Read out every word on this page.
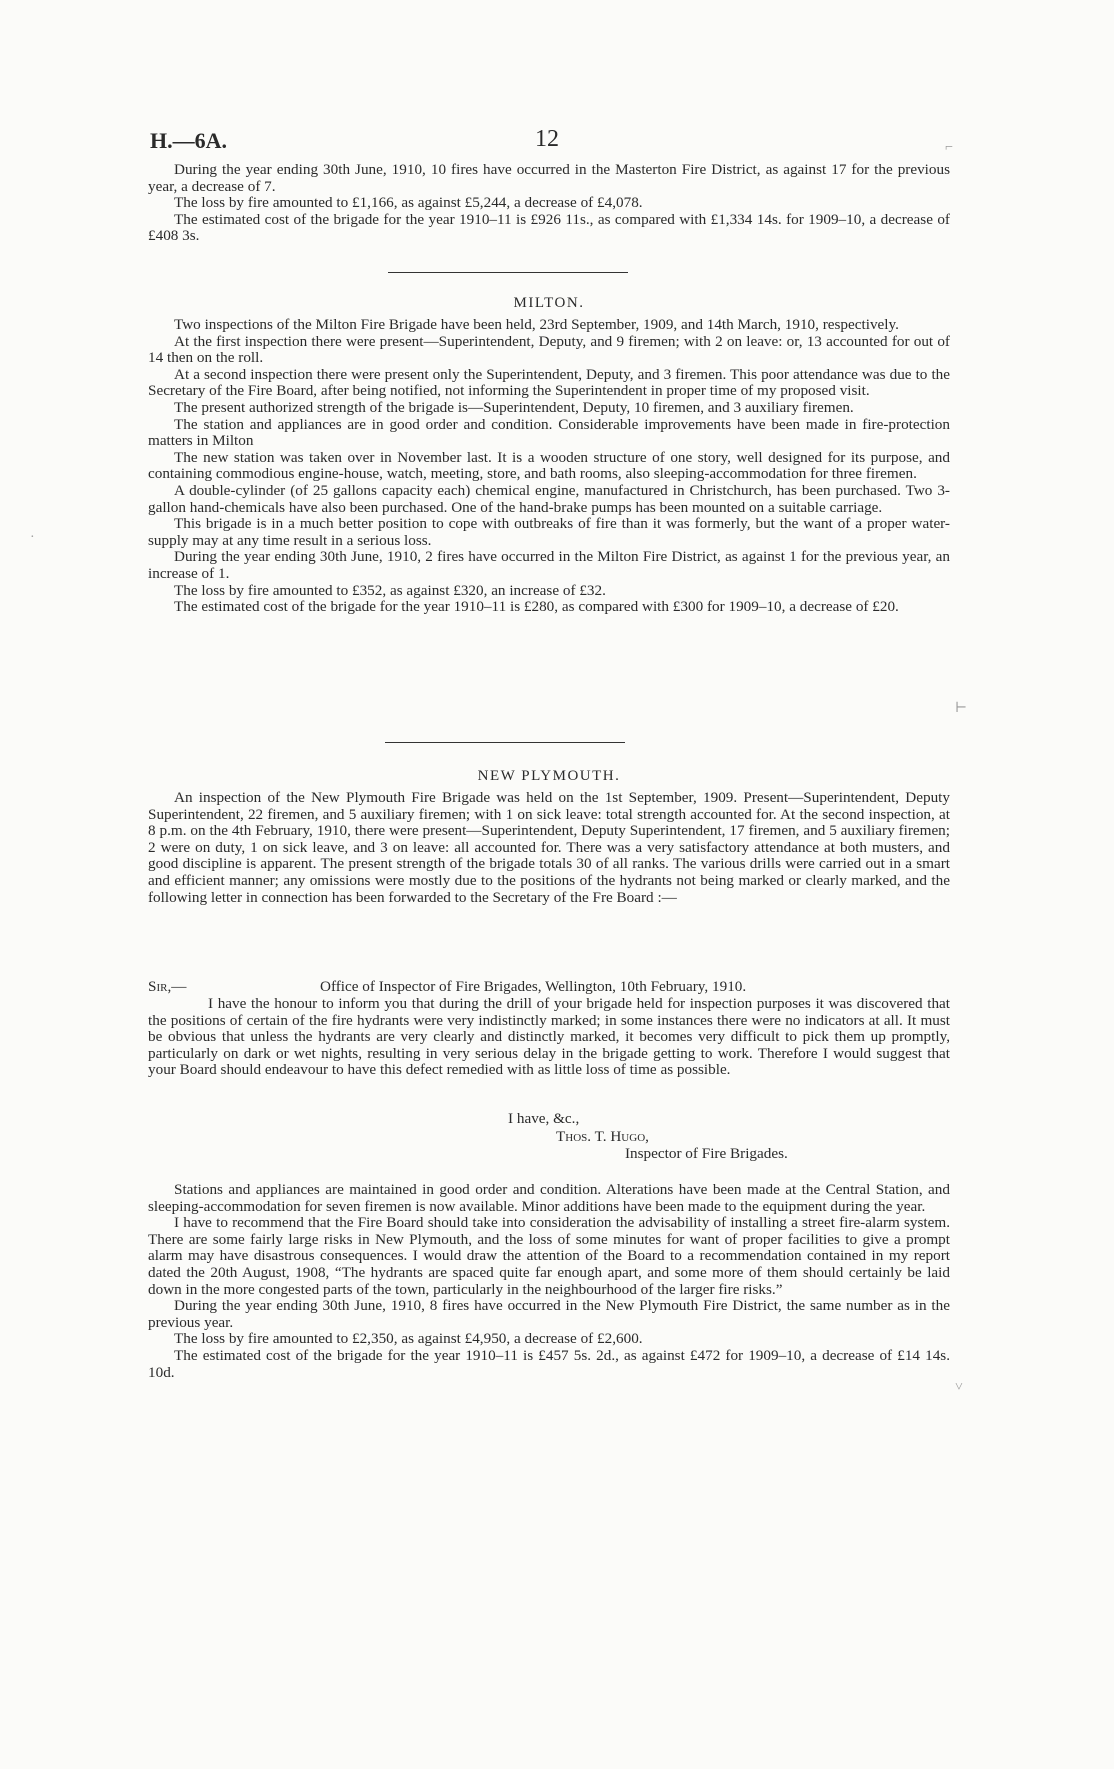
H.—6A.	12

During the year ending 30th June, 1910, 10 fires have occurred in the Masterton Fire District, as against 17 for the previous year, a decrease of 7.

The loss by fire amounted to £1,166, as against £5,244, a decrease of £4,078.

The estimated cost of the brigade for the year 1910–11 is £926 11s., as compared with £1,334 14s. for 1909–10, a decrease of £408 3s.

MILTON.

Two inspections of the Milton Fire Brigade have been held, 23rd September, 1909, and 14th March, 1910, respectively.

At the first inspection there were present—Superintendent, Deputy, and 9 firemen; with 2 on leave: or, 13 accounted for out of 14 then on the roll.

At a second inspection there were present only the Superintendent, Deputy, and 3 firemen. This poor attendance was due to the Secretary of the Fire Board, after being notified, not informing the Superintendent in proper time of my proposed visit.

The present authorized strength of the brigade is—Superintendent, Deputy, 10 firemen, and 3 auxiliary firemen.

The station and appliances are in good order and condition. Considerable improvements have been made in fire-protection matters in Milton

The new station was taken over in November last. It is a wooden structure of one story, well designed for its purpose, and containing commodious engine-house, watch, meeting, store, and bath rooms, also sleeping-accommodation for three firemen.

A double-cylinder (of 25 gallons capacity each) chemical engine, manufactured in Christchurch, has been purchased. Two 3-gallon hand-chemicals have also been purchased. One of the hand-brake pumps has been mounted on a suitable carriage.

This brigade is in a much better position to cope with outbreaks of fire than it was formerly, but the want of a proper water-supply may at any time result in a serious loss.

During the year ending 30th June, 1910, 2 fires have occurred in the Milton Fire District, as against 1 for the previous year, an increase of 1.

The loss by fire amounted to £352, as against £320, an increase of £32.

The estimated cost of the brigade for the year 1910–11 is £280, as compared with £300 for 1909–10, a decrease of £20.

NEW PLYMOUTH.

An inspection of the New Plymouth Fire Brigade was held on the 1st September, 1909. Present—Superintendent, Deputy Superintendent, 22 firemen, and 5 auxiliary firemen; with 1 on sick leave: total strength accounted for. At the second inspection, at 8 p.m. on the 4th February, 1910, there were present—Superintendent, Deputy Superintendent, 17 firemen, and 5 auxiliary firemen; 2 were on duty, 1 on sick leave, and 3 on leave: all accounted for. There was a very satisfactory attendance at both musters, and good discipline is apparent. The present strength of the brigade totals 30 of all ranks. The various drills were carried out in a smart and efficient manner; any omissions were mostly due to the positions of the hydrants not being marked or clearly marked, and the following letter in connection has been forwarded to the Secretary of the Fre Board :—

Sir,—	Office of Inspector of Fire Brigades, Wellington, 10th February, 1910.

I have the honour to inform you that during the drill of your brigade held for inspection purposes it was discovered that the positions of certain of the fire hydrants were very indistinctly marked; in some instances there were no indicators at all. It must be obvious that unless the hydrants are very clearly and distinctly marked, it becomes very difficult to pick them up promptly, particularly on dark or wet nights, resulting in very serious delay in the brigade getting to work. Therefore I would suggest that your Board should endeavour to have this defect remedied with as little loss of time as possible.

I have, &c.,
Thos. T. Hugo,
Inspector of Fire Brigades.

Stations and appliances are maintained in good order and condition. Alterations have been made at the Central Station, and sleeping-accommodation for seven firemen is now available. Minor additions have been made to the equipment during the year.

I have to recommend that the Fire Board should take into consideration the advisability of installing a street fire-alarm system. There are some fairly large risks in New Plymouth, and the loss of some minutes for want of proper facilities to give a prompt alarm may have disastrous consequences. I would draw the attention of the Board to a recommendation contained in my report dated the 20th August, 1908, “The hydrants are spaced quite far enough apart, and some more of them should certainly be laid down in the more congested parts of the town, particularly in the neighbourhood of the larger fire risks.”

During the year ending 30th June, 1910, 8 fires have occurred in the New Plymouth Fire District, the same number as in the previous year.

The loss by fire amounted to £2,350, as against £4,950, a decrease of £2,600.

The estimated cost of the brigade for the year 1910–11 is £457 5s. 2d., as against £472 for 1909–10, a decrease of £14 14s. 10d.

⌐
⊢
·
˅
